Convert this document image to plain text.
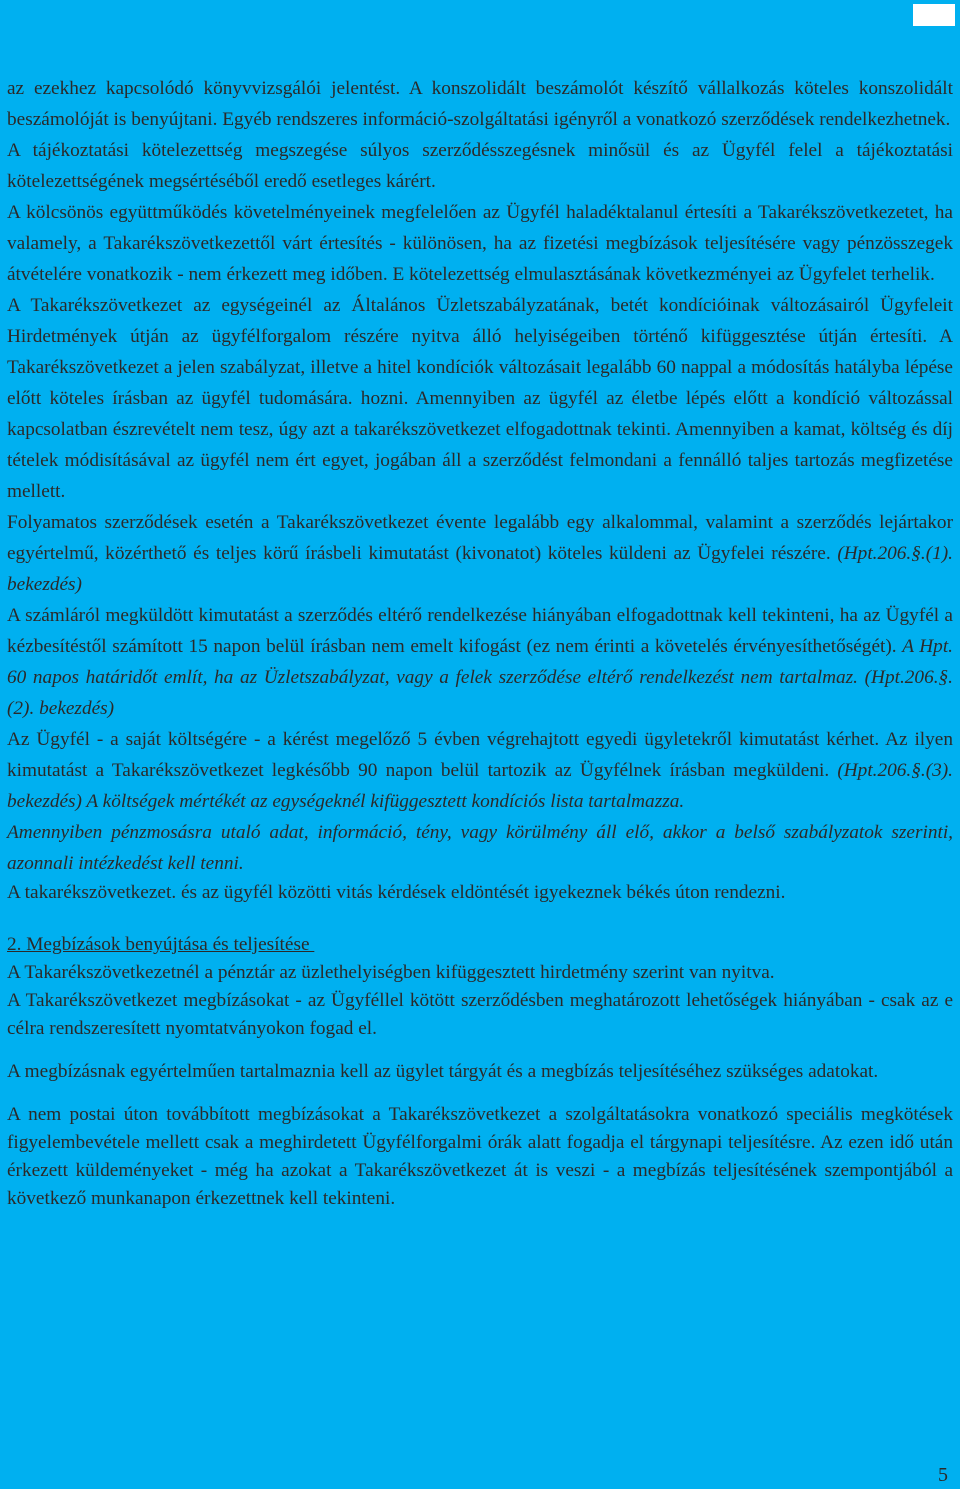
az ezekhez kapcsolódó könyvvizsgálói jelentést. A konszolidált beszámolót készítő vállalkozás köteles konszolidált beszámolóját is benyújtani. Egyéb rendszeres információ-szolgáltatási igényről a vonatkozó szerződések rendelkezhetnek.

A tájékoztatási kötelezettség megszegése súlyos szerződésszegésnek minősül és az Ügyfél felel a tájékoztatási kötelezettségének megsértéséből eredő esetleges kárért.

A kölcsönös együttműködés követelményeinek megfelelően az Ügyfél haladéktalanul értesíti a Takarékszövetkezetet, ha valamely, a Takarékszövetkezettől várt értesítés - különösen, ha az fizetési megbízások teljesítésére vagy pénzösszegek átvételére vonatkozik - nem érkezett meg időben. E kötelezettség elmulasztásának következményei az Ügyfelet terhelik.

A Takarékszövetkezet az egységeinél az Általános Üzletszabályzatának, betét kondícióinak változásairól Ügyfeleit Hirdetmények útján az ügyfélforgalom részére nyitva álló helyiségeiben történő kifüggesztése útján értesíti. A Takarékszövetkezet a jelen szabályzat, illetve a hitel kondíciók változásait legalább 60 nappal a módosítás hatályba lépése előtt köteles írásban az ügyfél tudomására. hozni. Amennyiben az ügyfél az életbe lépés előtt a kondíció változással kapcsolatban észrevételt nem tesz, úgy azt a takarékszövetkezet elfogadottnak tekinti. Amennyiben a kamat, költség és díj tételek módisításával az ügyfél nem ért egyet, jogában áll a szerződést felmondani a fennálló taljes tartozás megfizetése mellett.

Folyamatos szerződések esetén a Takarékszövetkezet évente legalább egy alkalommal, valamint a szerződés lejártakor egyértelmű, közérthető és teljes körű írásbeli kimutatást (kivonatot) köteles küldeni az Ügyfelei részére. (Hpt.206.§.(1). bekezdés)

A számláról megküldött kimutatást a szerződés eltérő rendelkezése hiányában elfogadottnak kell tekinteni, ha az Ügyfél a kézbesítéstől számított 15 napon belül írásban nem emelt kifogást (ez nem érinti a követelés érvényesíthetőségét). A Hpt. 60 napos határidőt említ, ha az Üzletszabályzat, vagy a felek szerződése eltérő rendelkezést nem tartalmaz. (Hpt.206.§.(2). bekezdés)

Az Ügyfél - a saját költségére - a kérést megelőző 5 évben végrehajtott egyedi ügyletekről kimutatást kérhet. Az ilyen kimutatást a Takarékszövetkezet legkésőbb 90 napon belül tartozik az Ügyfélnek írásban megküldeni. (Hpt.206.§.(3). bekezdés) A költségek mértékét az egységeknél kifüggesztett kondíciós lista tartalmazza.

Amennyiben pénzmosásra utaló adat, információ, tény, vagy körülmény áll elő, akkor a belső szabályzatok szerinti, azonnali intézkedést kell tenni.

A takarékszövetkezet. és az ügyfél közötti vitás kérdések eldöntését igyekeznek békés úton rendezni.

2. Megbízások benyújtása és teljesítése

A Takarékszövetkezetnél a pénztár az üzlethelyiségben kifüggesztett hirdetmény szerint van nyitva.

A Takarékszövetkezet megbízásokat - az Ügyféllel kötött szerződésben meghatározott lehetőségek hiányában - csak az e célra rendszeresített nyomtatványokon fogad el.

A megbízásnak egyértelműen tartalmaznia kell az ügylet tárgyát és a megbízás teljesítéséhez szükséges adatokat.

A nem postai úton továbbított megbízásokat a Takarékszövetkezet a szolgáltatásokra vonatkozó speciális megkötések figyelembevétele mellett csak a meghirdetett Ügyfélforgalmi órák alatt fogadja el tárgynapi teljesítésre. Az ezen idő után érkezett küldeményeket - még ha azokat a Takarékszövetkezet át is veszi - a megbízás teljesítésének szempontjából a következő munkanapon érkezettnek kell tekinteni.

5
